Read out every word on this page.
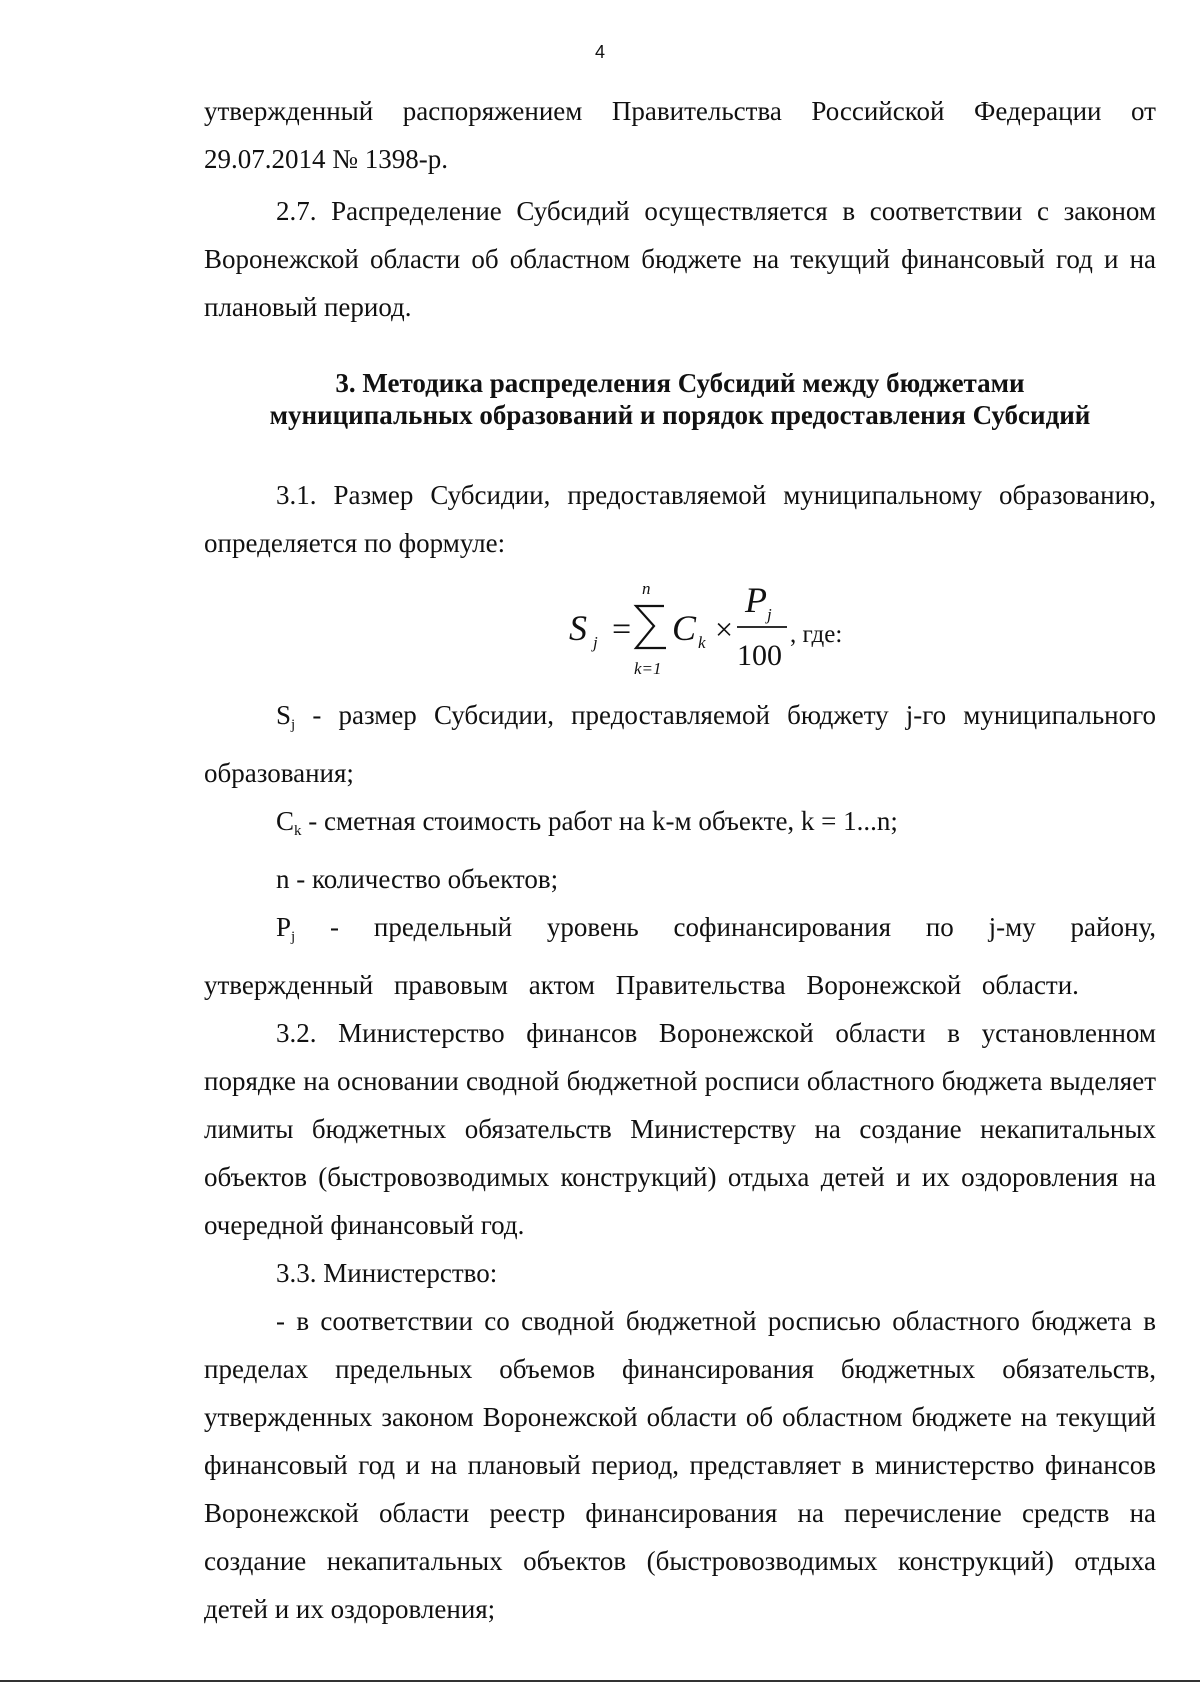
4

утвержденный распоряжением Правительства Российской Федерации от

29.07.2014 № 1398-р.

2.7. Распределение Субсидий осуществляется в соответствии с законом Воронежской области об областном бюджете на текущий финансовый год и на плановый период.

3. Методика распределения Субсидий между бюджетами

муниципальных образований и порядок предоставления Субсидий

3.1. Размер Субсидии, предоставляемой муниципальному образованию, определяется по формуле:

$S_j$ - размер Субсидии, предоставляемой бюджету j-го муниципального образования;

$C_k$ - сметная стоимость работ на k-м объекте, k = 1...n;

n - количество объектов;

$P_j$ - предельный уровень софинансирования по j-му району, утвержденный правовым актом Правительства Воронежской области.

3.2. Министерство финансов Воронежской области в установленном порядке на основании сводной бюджетной росписи областного бюджета выделяет лимиты бюджетных обязательств Министерству на создание некапитальных объектов (быстровозводимых конструкций) отдыха детей и их оздоровления на очередной финансовый год.

3.3. Министерство:

- в соответствии со сводной бюджетной росписью областного бюджета в пределах предельных объемов финансирования бюджетных обязательств, утвержденных законом Воронежской области об областном бюджете на текущий финансовый год и на плановый период, представляет в министерство финансов Воронежской области реестр финансирования на перечисление средств на создание некапитальных объектов (быстровозводимых конструкций) отдыха детей и их оздоровления;

S j =
n
k=1
C k ×
P j
100
, где:
